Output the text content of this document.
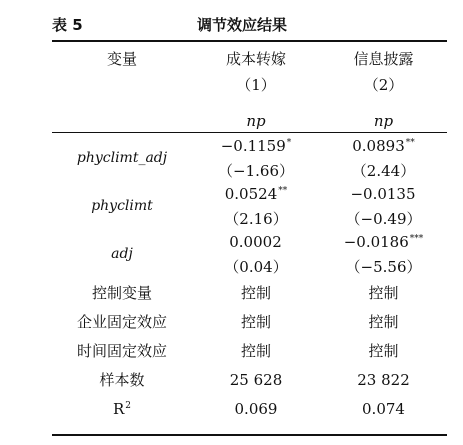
表 5	调节效应结果
变量	成本转嫁	信息披露
	（1）	（2）

	np	np
phyclimt_adj	−0.1159*	0.0893**
	（−1.66）	（2.44）
phyclimt	0.0524**	−0.0135
	（2.16）	（−0.49）
adj	0.0002	−0.0186***
	（0.04）	（−5.56）
控制变量	控制	控制
企业固定效应	控制	控制
时间固定效应	控制	控制
样本数	25 628	23 822
$R^2$	0.069	0.074
